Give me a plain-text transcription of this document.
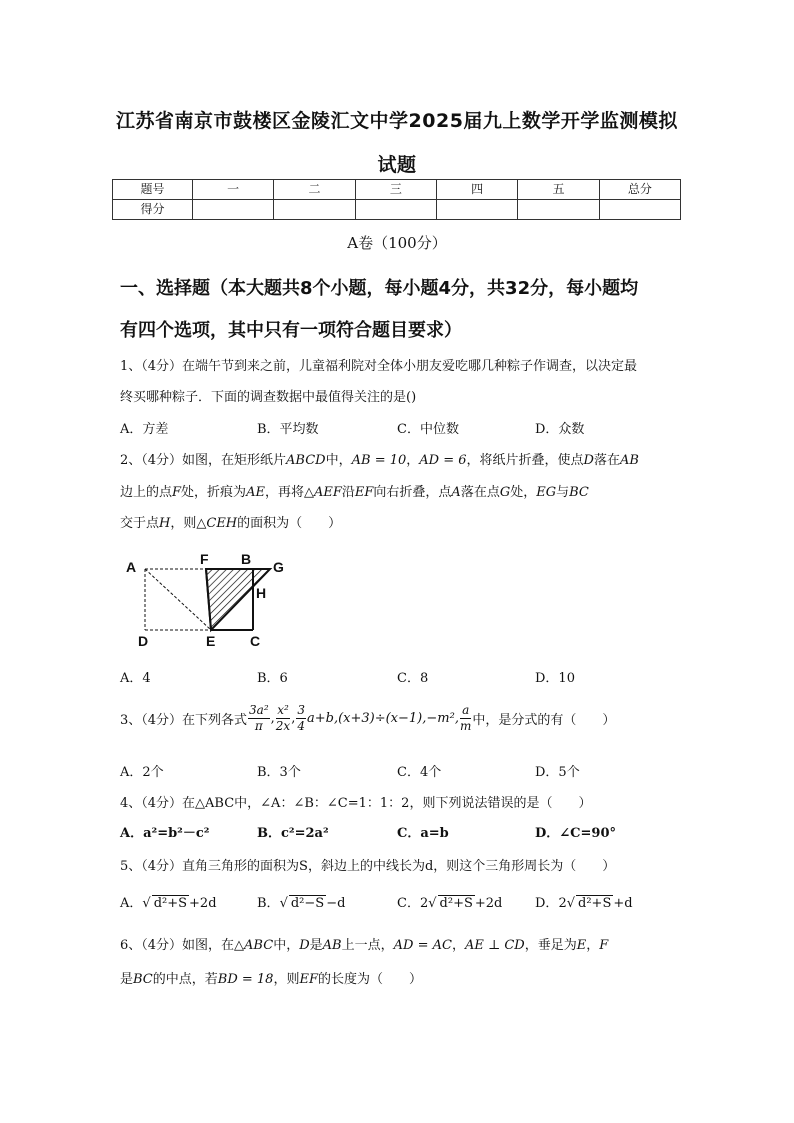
江苏省南京市鼓楼区金陵汇文中学2025届九上数学开学监测模拟
试题
题号	一	二	三	四	五	总分
得分						
A卷（100分）
一、选择题（本大题共8个小题，每小题4分，共32分，每小题均
有四个选项，其中只有一项符合题目要求）
1、（4分）在端午节到来之前，儿童福利院对全体小朋友爱吃哪几种粽子作调查，以决定最
终买哪种粽子．下面的调查数据中最值得关注的是()
A．方差	B．平均数	C．中位数	D．众数
2、（4分）如图，在矩形纸片ABCD中，AB = 10，AD = 6，将纸片折叠，使点D落在AB
边上的点F处，折痕为AE，再将△AEF沿EF向右折叠，点A落在点G处，EG与BC
交于点H，则△CEH的面积为（　　）
A	F B G
H
D	E C
A．4	B．6	C．8	D．10
3、（4分）在下列各式 $\frac{\text{3a²}}{\pi}$ , $\frac{\text{x²}}{2x}$ , $\frac{3}{4} a+b,(x+3)\div(x-1),-m^2$, $\frac{a}{m}$ 中，是分式的有（　　）
A．2个	B．3个	C．4个	D．5个
4、（4分）在△ABC中，∠A：∠B：∠C=1：1：2，则下列说法错误的是（　　）
A．a²=b²－c²	B．c²=2a²	C．a=b	D．∠C=90°
5、（4分）直角三角形的面积为S，斜边上的中线长为d，则这个三角形周长为（　　）
A．√ d²+S +2d	B．√ d²−S −d	C．2√ d²+S +2d	D．2√ d²+S +d
6、（4分）如图，在△ABC中，D是AB上一点，AD = AC，AE ⊥ CD，垂足为E，F
是BC的中点，若BD = 18，则EF的长度为（　　）
